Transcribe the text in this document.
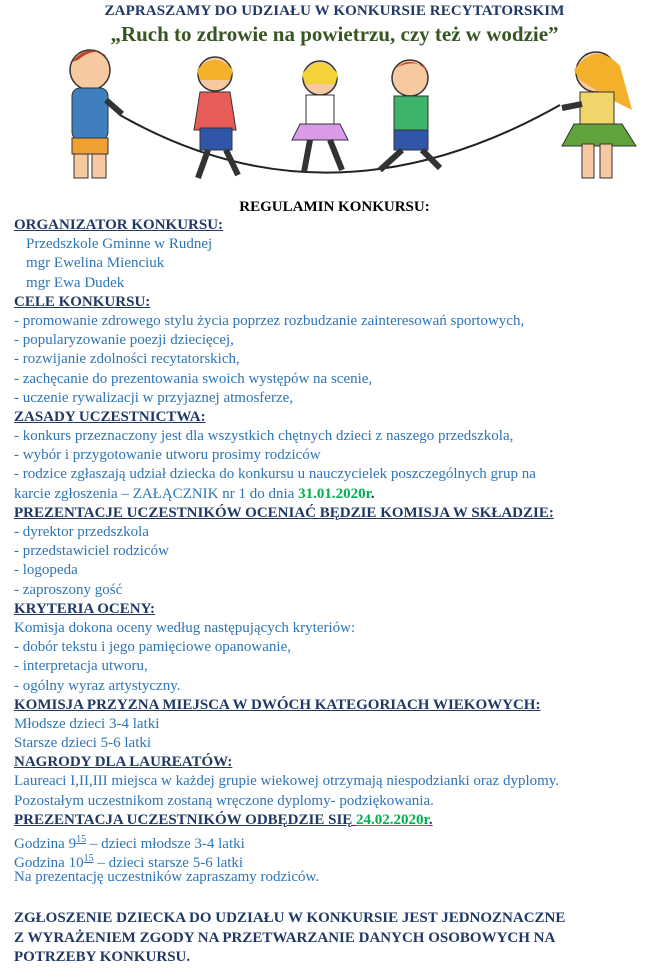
ZAPRASZAMY DO UDZIAŁU W KONKURSIE RECYTATORSKIM
„Ruch to zdrowie na powietrzu, czy też w wodzie”
REGULAMIN KONKURSU:
ORGANIZATOR KONKURSU:
Przedszkole Gminne w Rudnej
mgr Ewelina Mienciuk
mgr Ewa Dudek
CELE KONKURSU:
- promowanie zdrowego stylu życia poprzez rozbudzanie zainteresowań sportowych,
- popularyzowanie poezji dziecięcej,
- rozwijanie zdolności recytatorskich,
- zachęcanie do prezentowania swoich występów na scenie,
- uczenie rywalizacji w przyjaznej atmosferze,
ZASADY UCZESTNICTWA:
- konkurs przeznaczony jest dla wszystkich chętnych dzieci z naszego przedszkola,
- wybór i przygotowanie utworu prosimy rodziców
- rodzice zgłaszają udział dziecka do konkursu u nauczycielek poszczególnych grup na
karcie zgłoszenia – ZAŁĄCZNIK nr 1 do dnia 31.01.2020r.
PREZENTACJE UCZESTNIKÓW OCENIAĆ BĘDZIE KOMISJA W SKŁADZIE:
- dyrektor przedszkola
- przedstawiciel rodziców
- logopeda
- zaproszony gość
KRYTERIA OCENY:
Komisja dokona oceny według następujących kryteriów:
- dobór tekstu i jego pamięciowe opanowanie,
- interpretacja utworu,
- ogólny wyraz artystyczny.
KOMISJA PRZYZNA MIEJSCA W DWÓCH KATEGORIACH WIEKOWYCH:
Młodsze dzieci 3-4 latki
Starsze dzieci 5-6 latki
NAGRODY DLA LAUREATÓW:
Laureaci I,II,III miejsca w każdej grupie wiekowej otrzymają niespodzianki oraz dyplomy.
Pozostałym uczestnikom zostaną wręczone dyplomy- podziękowania.
PREZENTACJA UCZESTNIKÓW ODBĘDZIE SIĘ 24.02.2020r.
Godzina $9^{15}$ – dzieci młodsze 3-4 latki
Godzina $10^{15}$ – dzieci starsze 5-6 latki
Na prezentację uczestników zapraszamy rodziców.
ZGŁOSZENIE DZIECKA DO UDZIAŁU W KONKURSIE JEST JEDNOZNACZNE
Z WYRAŻENIEM ZGODY NA PRZETWARZANIE DANYCH OSOBOWYCH NA
POTRZEBY KONKURSU.
